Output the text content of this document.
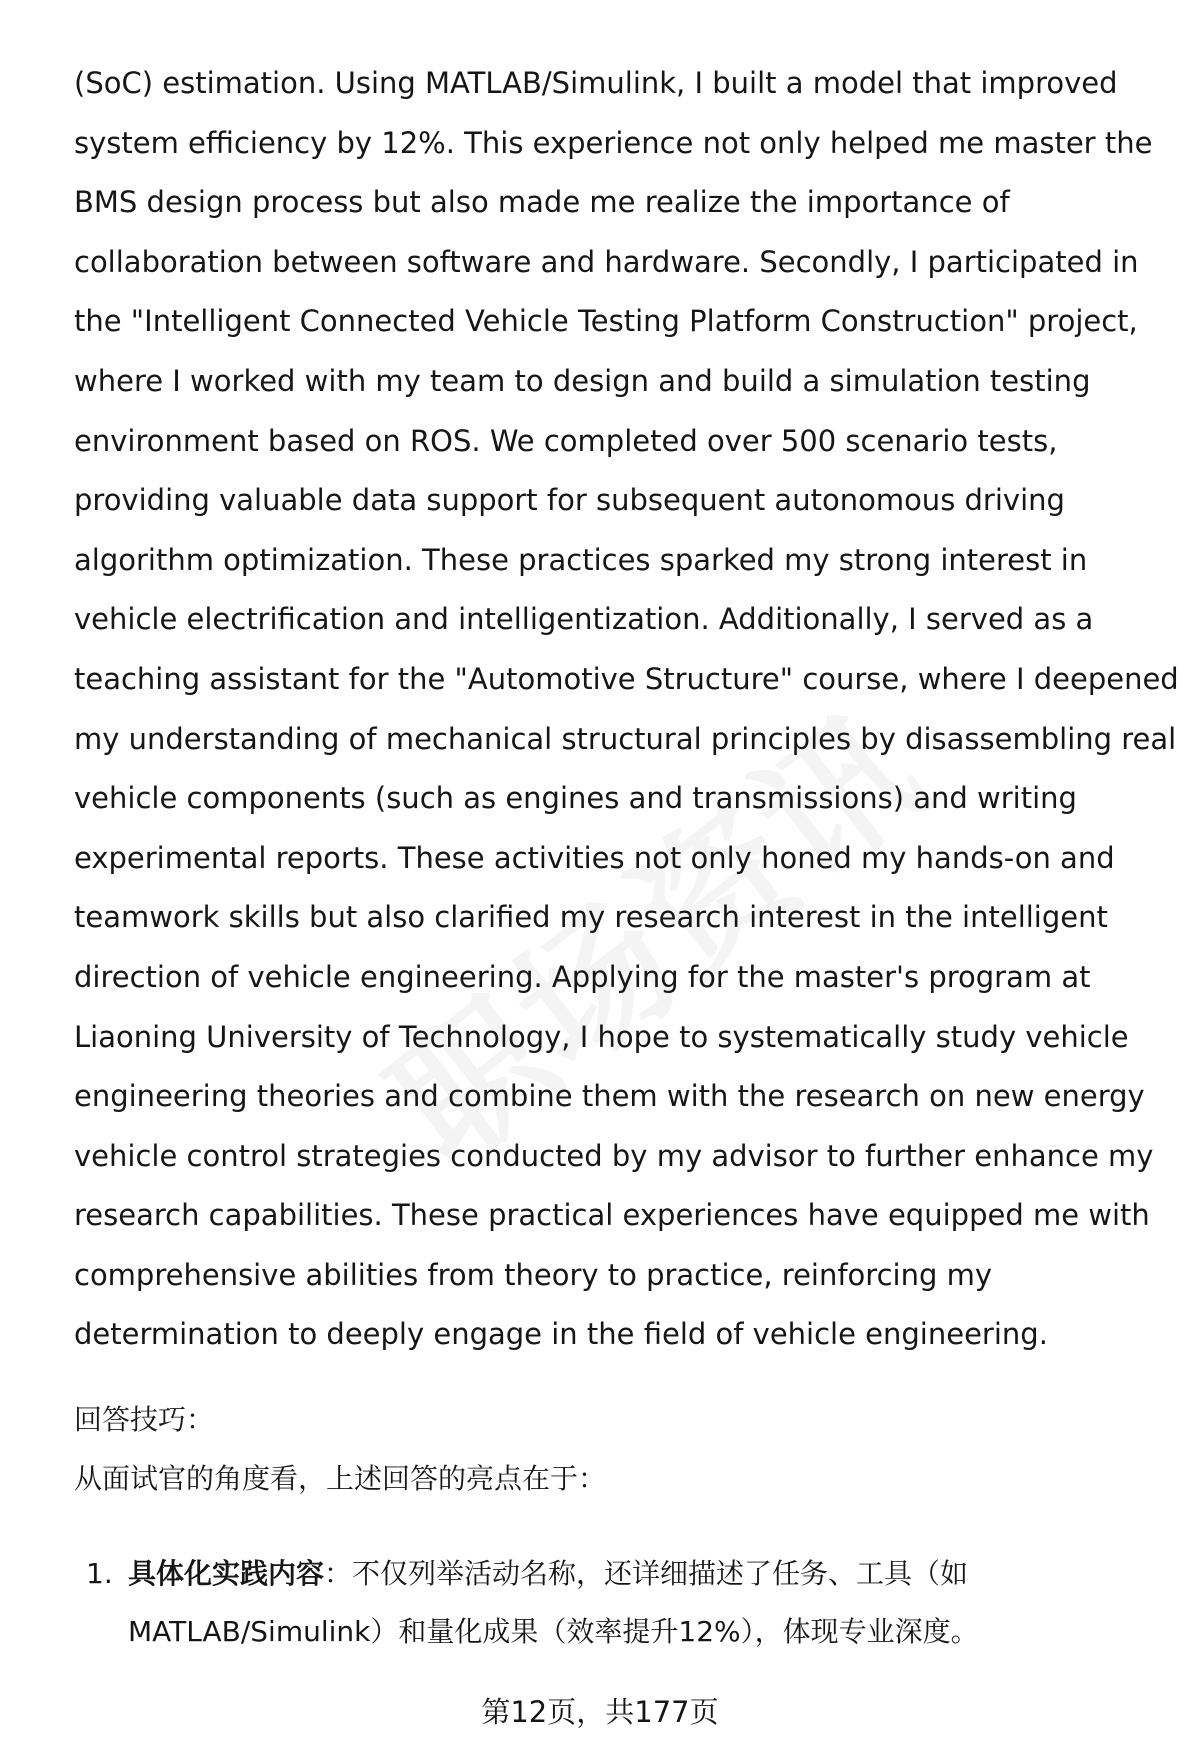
(SoC) estimation. Using MATLAB/Simulink, I built a model that improved

system efficiency by 12%. This experience not only helped me master the

BMS design process but also made me realize the importance of

collaboration between software and hardware. Secondly, I participated in

the "Intelligent Connected Vehicle Testing Platform Construction" project,

where I worked with my team to design and build a simulation testing

environment based on ROS. We completed over 500 scenario tests,

providing valuable data support for subsequent autonomous driving

algorithm optimization. These practices sparked my strong interest in

vehicle electrification and intelligentization. Additionally, I served as a

teaching assistant for the "Automotive Structure" course, where I deepened

my understanding of mechanical structural principles by disassembling real

vehicle components (such as engines and transmissions) and writing

experimental reports. These activities not only honed my hands-on and

teamwork skills but also clarified my research interest in the intelligent

direction of vehicle engineering. Applying for the master's program at

Liaoning University of Technology, I hope to systematically study vehicle

engineering theories and combine them with the research on new energy

vehicle control strategies conducted by my advisor to further enhance my

research capabilities. These practical experiences have equipped me with

comprehensive abilities from theory to practice, reinforcing my

determination to deeply engage in the field of vehicle engineering.

回答技巧：
从面试官的角度看，上述回答的亮点在于：
1. 具体化实践内容：不仅列举活动名称，还详细描述了任务、工具（如
MATLAB/Simulink）和量化成果（效率提升12%），体现专业深度。
第12页，共177页
